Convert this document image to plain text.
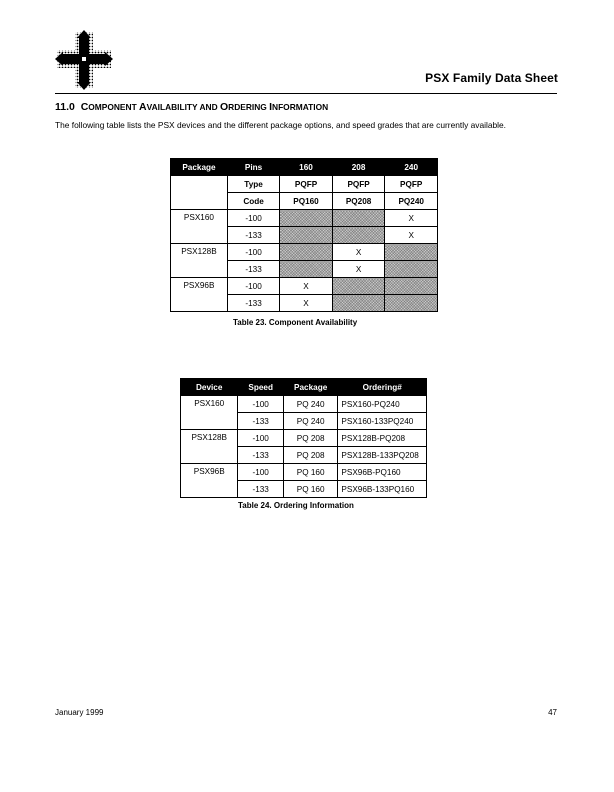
PSX Family Data Sheet
11.0 COMPONENT AVAILABILITY AND ORDERING INFORMATION
The following table lists the PSX devices and the different package options, and speed grades that are currently available.
Package	Pins	160	208	240
	Type	PQFP	PQFP	PQFP
	Code	PQ160	PQ208	PQ240
PSX160	-100			X
	-133			X
PSX128B	-100		X	
	-133		X	
PSX96B	-100	X		
	-133	X		
Table 23. Component Availability
Device	Speed	Package	Ordering#
PSX160	-100	PQ 240	PSX160-PQ240
	-133	PQ 240	PSX160-133PQ240
PSX128B	-100	PQ 208	PSX128B-PQ208
	-133	PQ 208	PSX128B-133PQ208
PSX96B	-100	PQ 160	PSX96B-PQ160
	-133	PQ 160	PSX96B-133PQ160
Table 24. Ordering Information
January 1999	47
